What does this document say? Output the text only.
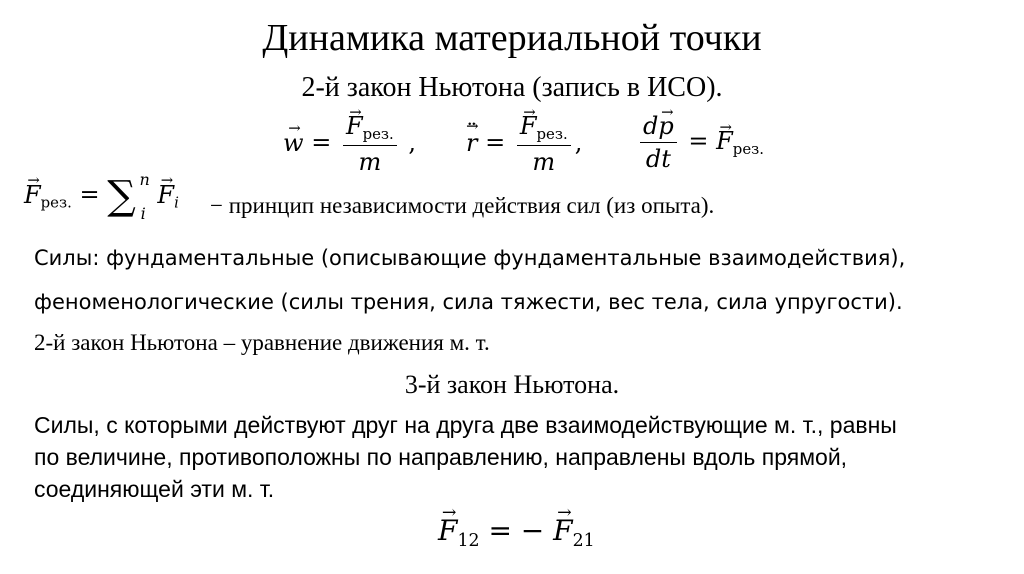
Динамика материальной точки
2-й закон Ньютона (запись в ИСО).
→ w = → $\frac{F_{рез.}}{m}$ , → r ¨ = → $\frac{F_{рез.}}{m}$ , $\frac{d\to p}{dt}$ = → $F_{рез.}$
→ $F_{рез.}$ = ∑ n
i
→ $F_i$ − принцип независимости действия сил (из опыта).
Силы: фундаментальные (описывающие фундаментальные взаимодействия),
феноменологические (силы трения, сила тяжести, вес тела, сила упругости).
2-й закон Ньютона – уравнение движения м. т.
3-й закон Ньютона.
Силы, с которыми действуют друг на друга две взаимодействующие м. т., равны
по величине, противоположны по направлению, направлены вдоль прямой,
соединяющей эти м. т.
→ $F_{12}$ = − → $F_{21}$
